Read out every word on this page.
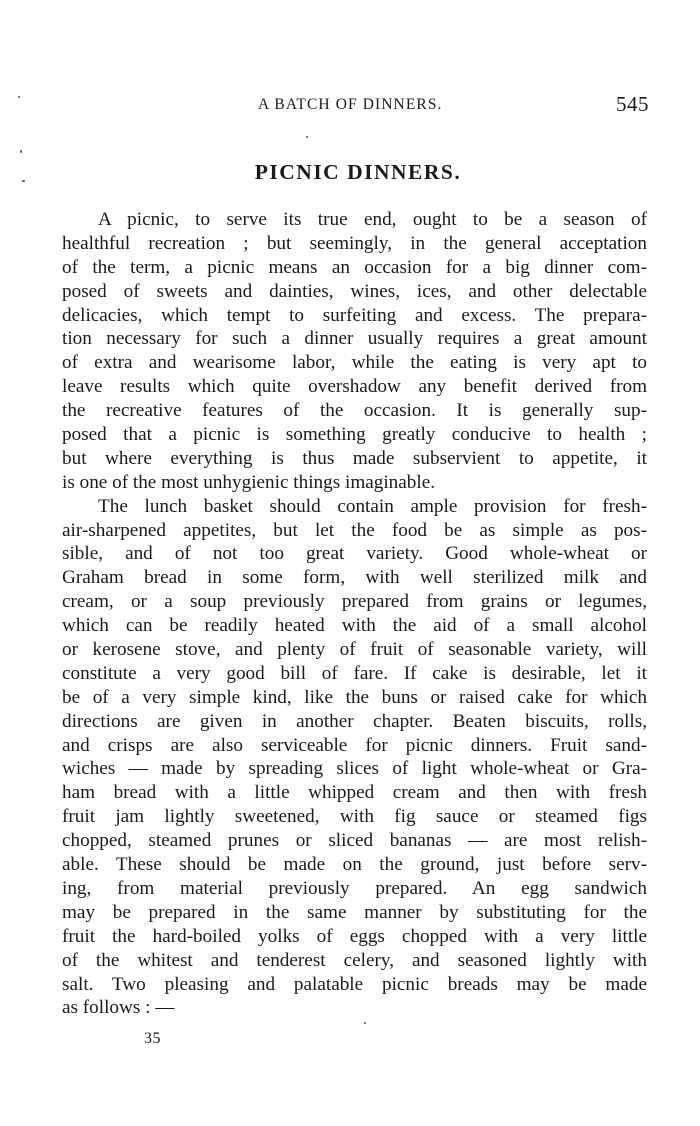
A BATCH OF DINNERS.	545
PICNIC DINNERS.
A picnic, to serve its true end, ought to be a season of
healthful recreation ; but seemingly, in the general acceptation
of the term, a picnic means an occasion for a big dinner com-
posed of sweets and dainties, wines, ices, and other delectable
delicacies, which tempt to surfeiting and excess. The prepara-
tion necessary for such a dinner usually requires a great amount
of extra and wearisome labor, while the eating is very apt to
leave results which quite overshadow any benefit derived from
the recreative features of the occasion. It is generally sup-
posed that a picnic is something greatly conducive to health ;
but where everything is thus made subservient to appetite, it
is one of the most unhygienic things imaginable.
The lunch basket should contain ample provision for fresh-
air-sharpened appetites, but let the food be as simple as pos-
sible, and of not too great variety. Good whole-wheat or
Graham bread in some form, with well sterilized milk and
cream, or a soup previously prepared from grains or legumes,
which can be readily heated with the aid of a small alcohol
or kerosene stove, and plenty of fruit of seasonable variety, will
constitute a very good bill of fare. If cake is desirable, let it
be of a very simple kind, like the buns or raised cake for which
directions are given in another chapter. Beaten biscuits, rolls,
and crisps are also serviceable for picnic dinners. Fruit sand-
wiches — made by spreading slices of light whole-wheat or Gra-
ham bread with a little whipped cream and then with fresh
fruit jam lightly sweetened, with fig sauce or steamed figs
chopped, steamed prunes or sliced bananas — are most relish-
able. These should be made on the ground, just before serv-
ing, from material previously prepared. An egg sandwich
may be prepared in the same manner by substituting for the
fruit the hard-boiled yolks of eggs chopped with a very little
of the whitest and tenderest celery, and seasoned lightly with
salt. Two pleasing and palatable picnic breads may be made
as follows : —
35
